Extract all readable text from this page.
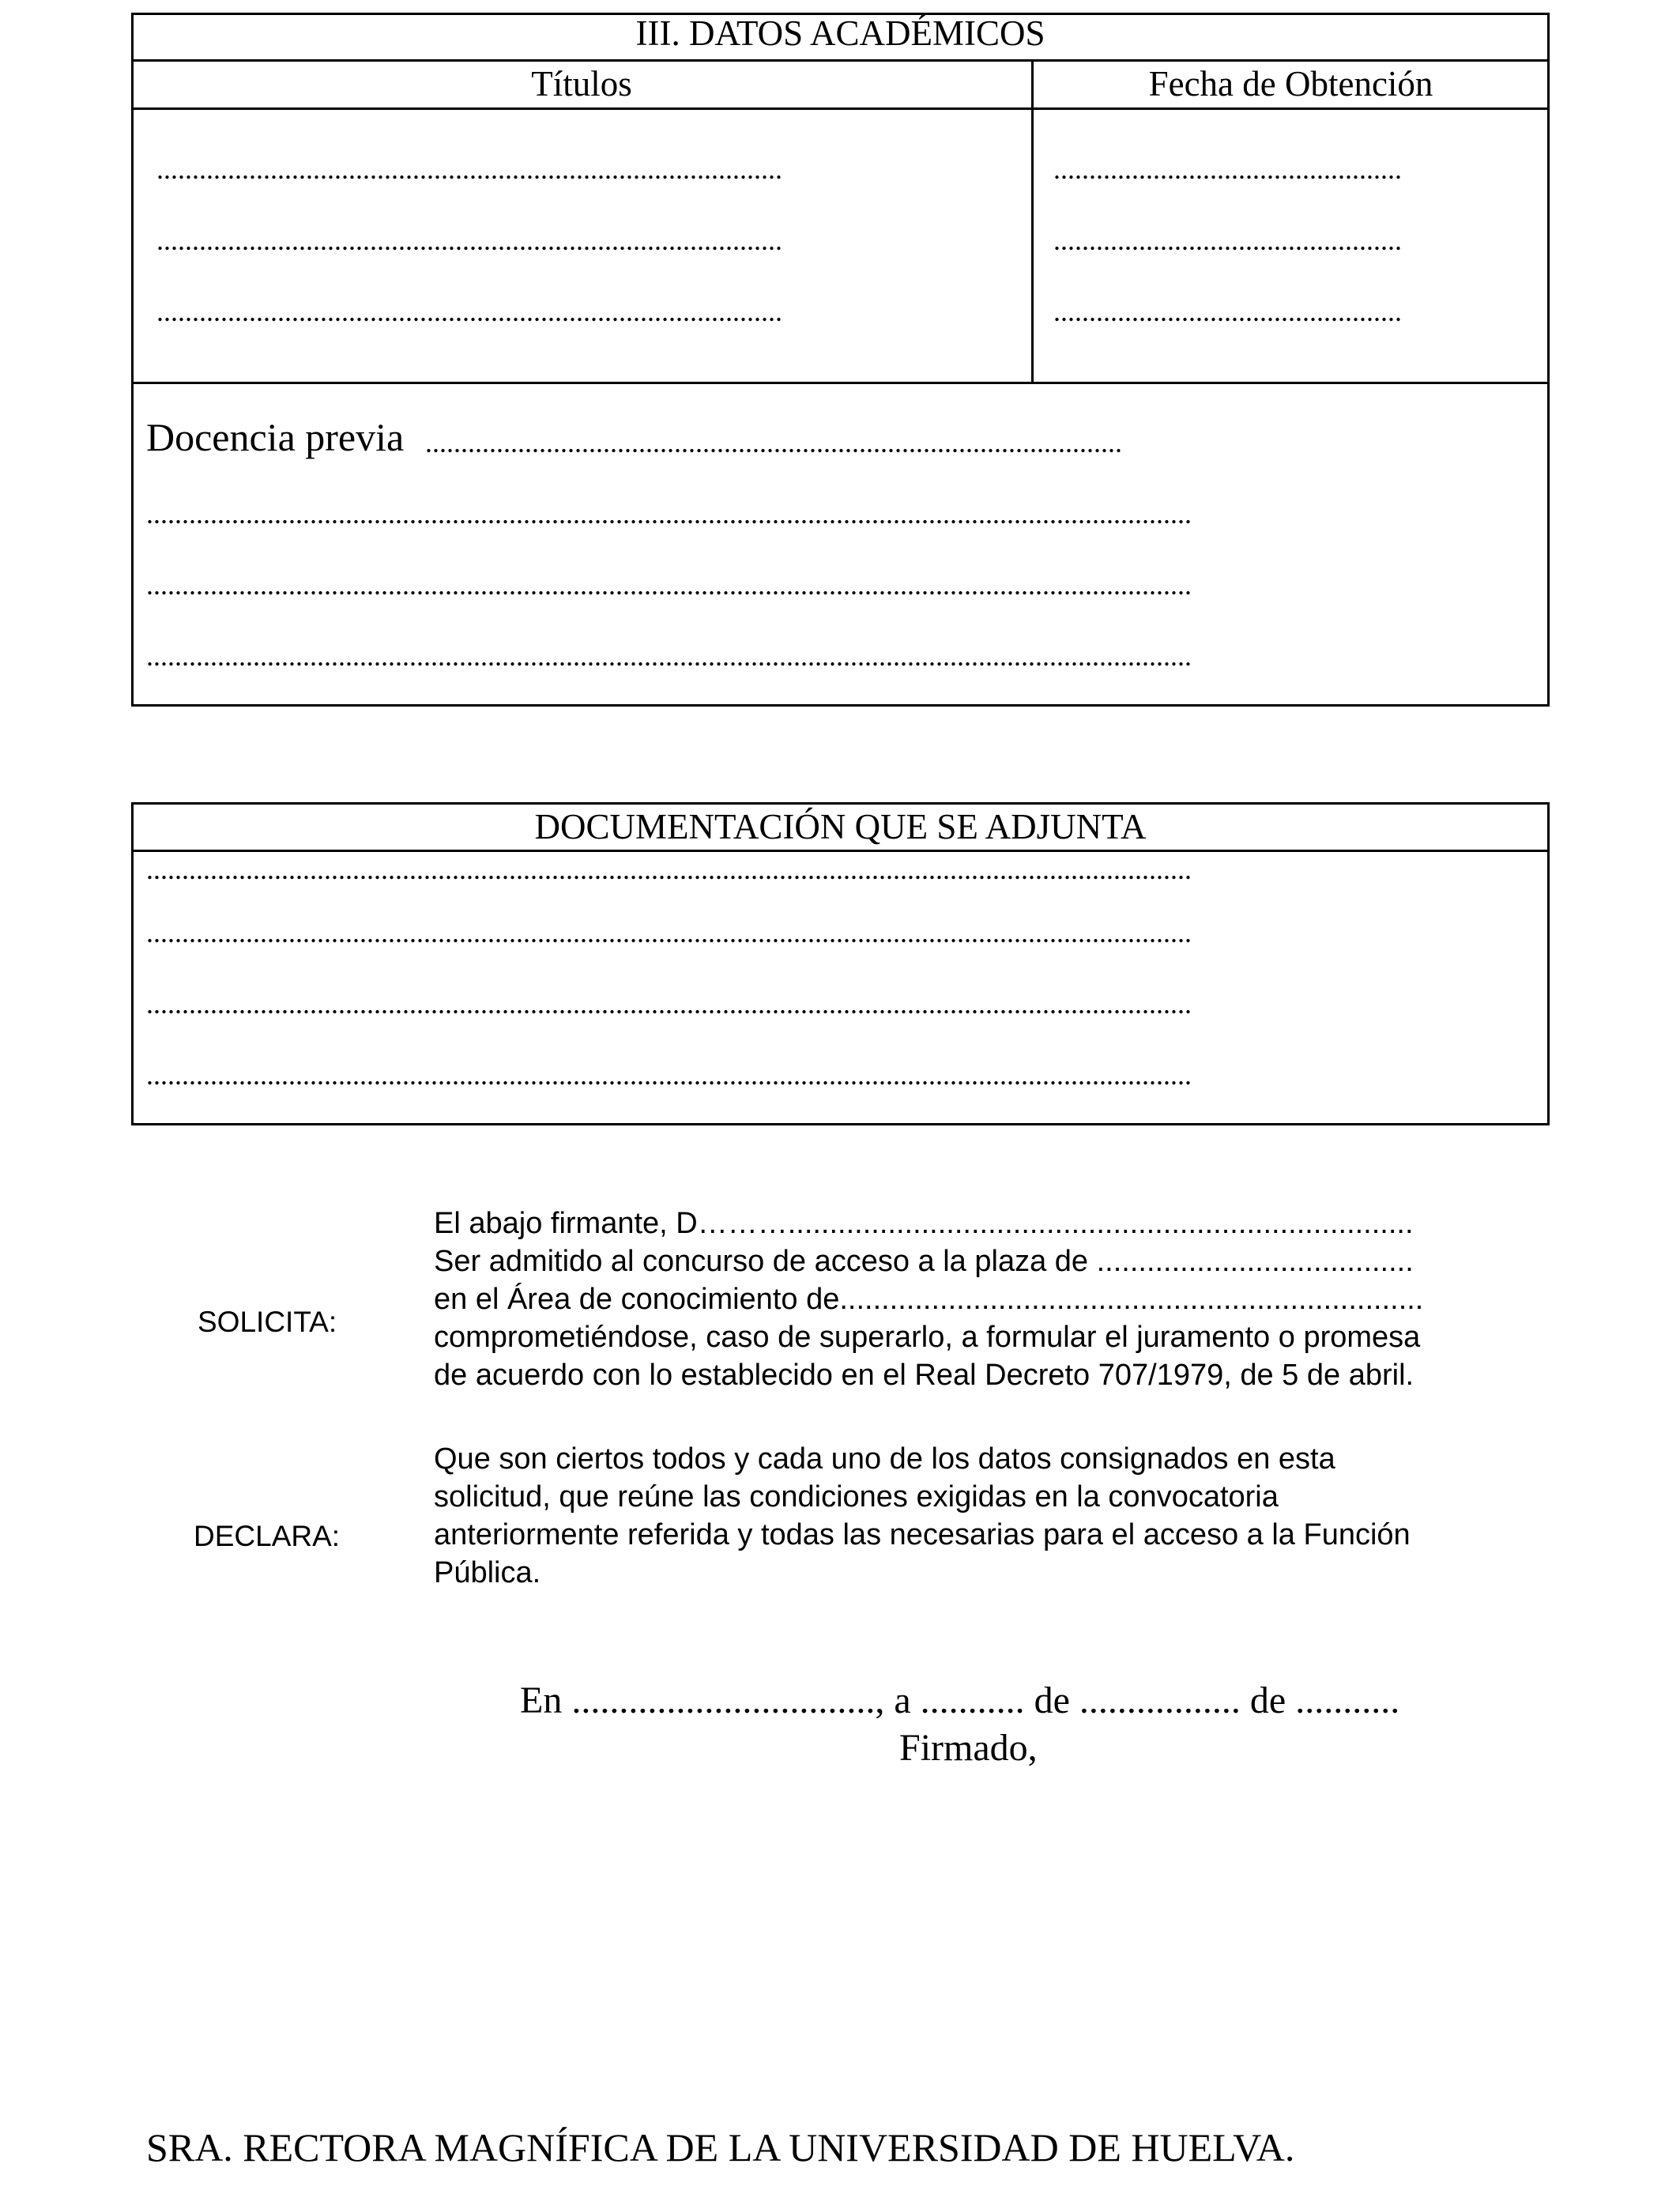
III. DATOS ACADÉMICOS
Títulos	Fecha de Obtención
........................................................................................
........................................................................................
........................................................................................
.................................................
.................................................
.................................................
Docencia previa ..................................................................................................
...................................................................................................................................................
...................................................................................................................................................
...................................................................................................................................................
DOCUMENTACIÓN QUE SE ADJUNTA
...................................................................................................................................................
...................................................................................................................................................
...................................................................................................................................................
...................................................................................................................................................
SOLICITA:
El abajo firmante, D………...........................................................................
Ser admitido al concurso de acceso a la plaza de ......................................
en el Área de conocimiento de......................................................................
comprometiéndose, caso de superarlo, a formular el juramento o promesa
de acuerdo con lo establecido en el Real Decreto 707/1979, de 5 de abril.
DECLARA:
Que son ciertos todos y cada uno de los datos consignados en esta
solicitud, que reúne las condiciones exigidas en la convocatoria
anteriormente referida y todas las necesarias para el acceso a la Función
Pública.
En ................................, a ........... de ................. de ...........
Firmado,
SRA. RECTORA MAGNÍFICA DE LA UNIVERSIDAD DE HUELVA.
